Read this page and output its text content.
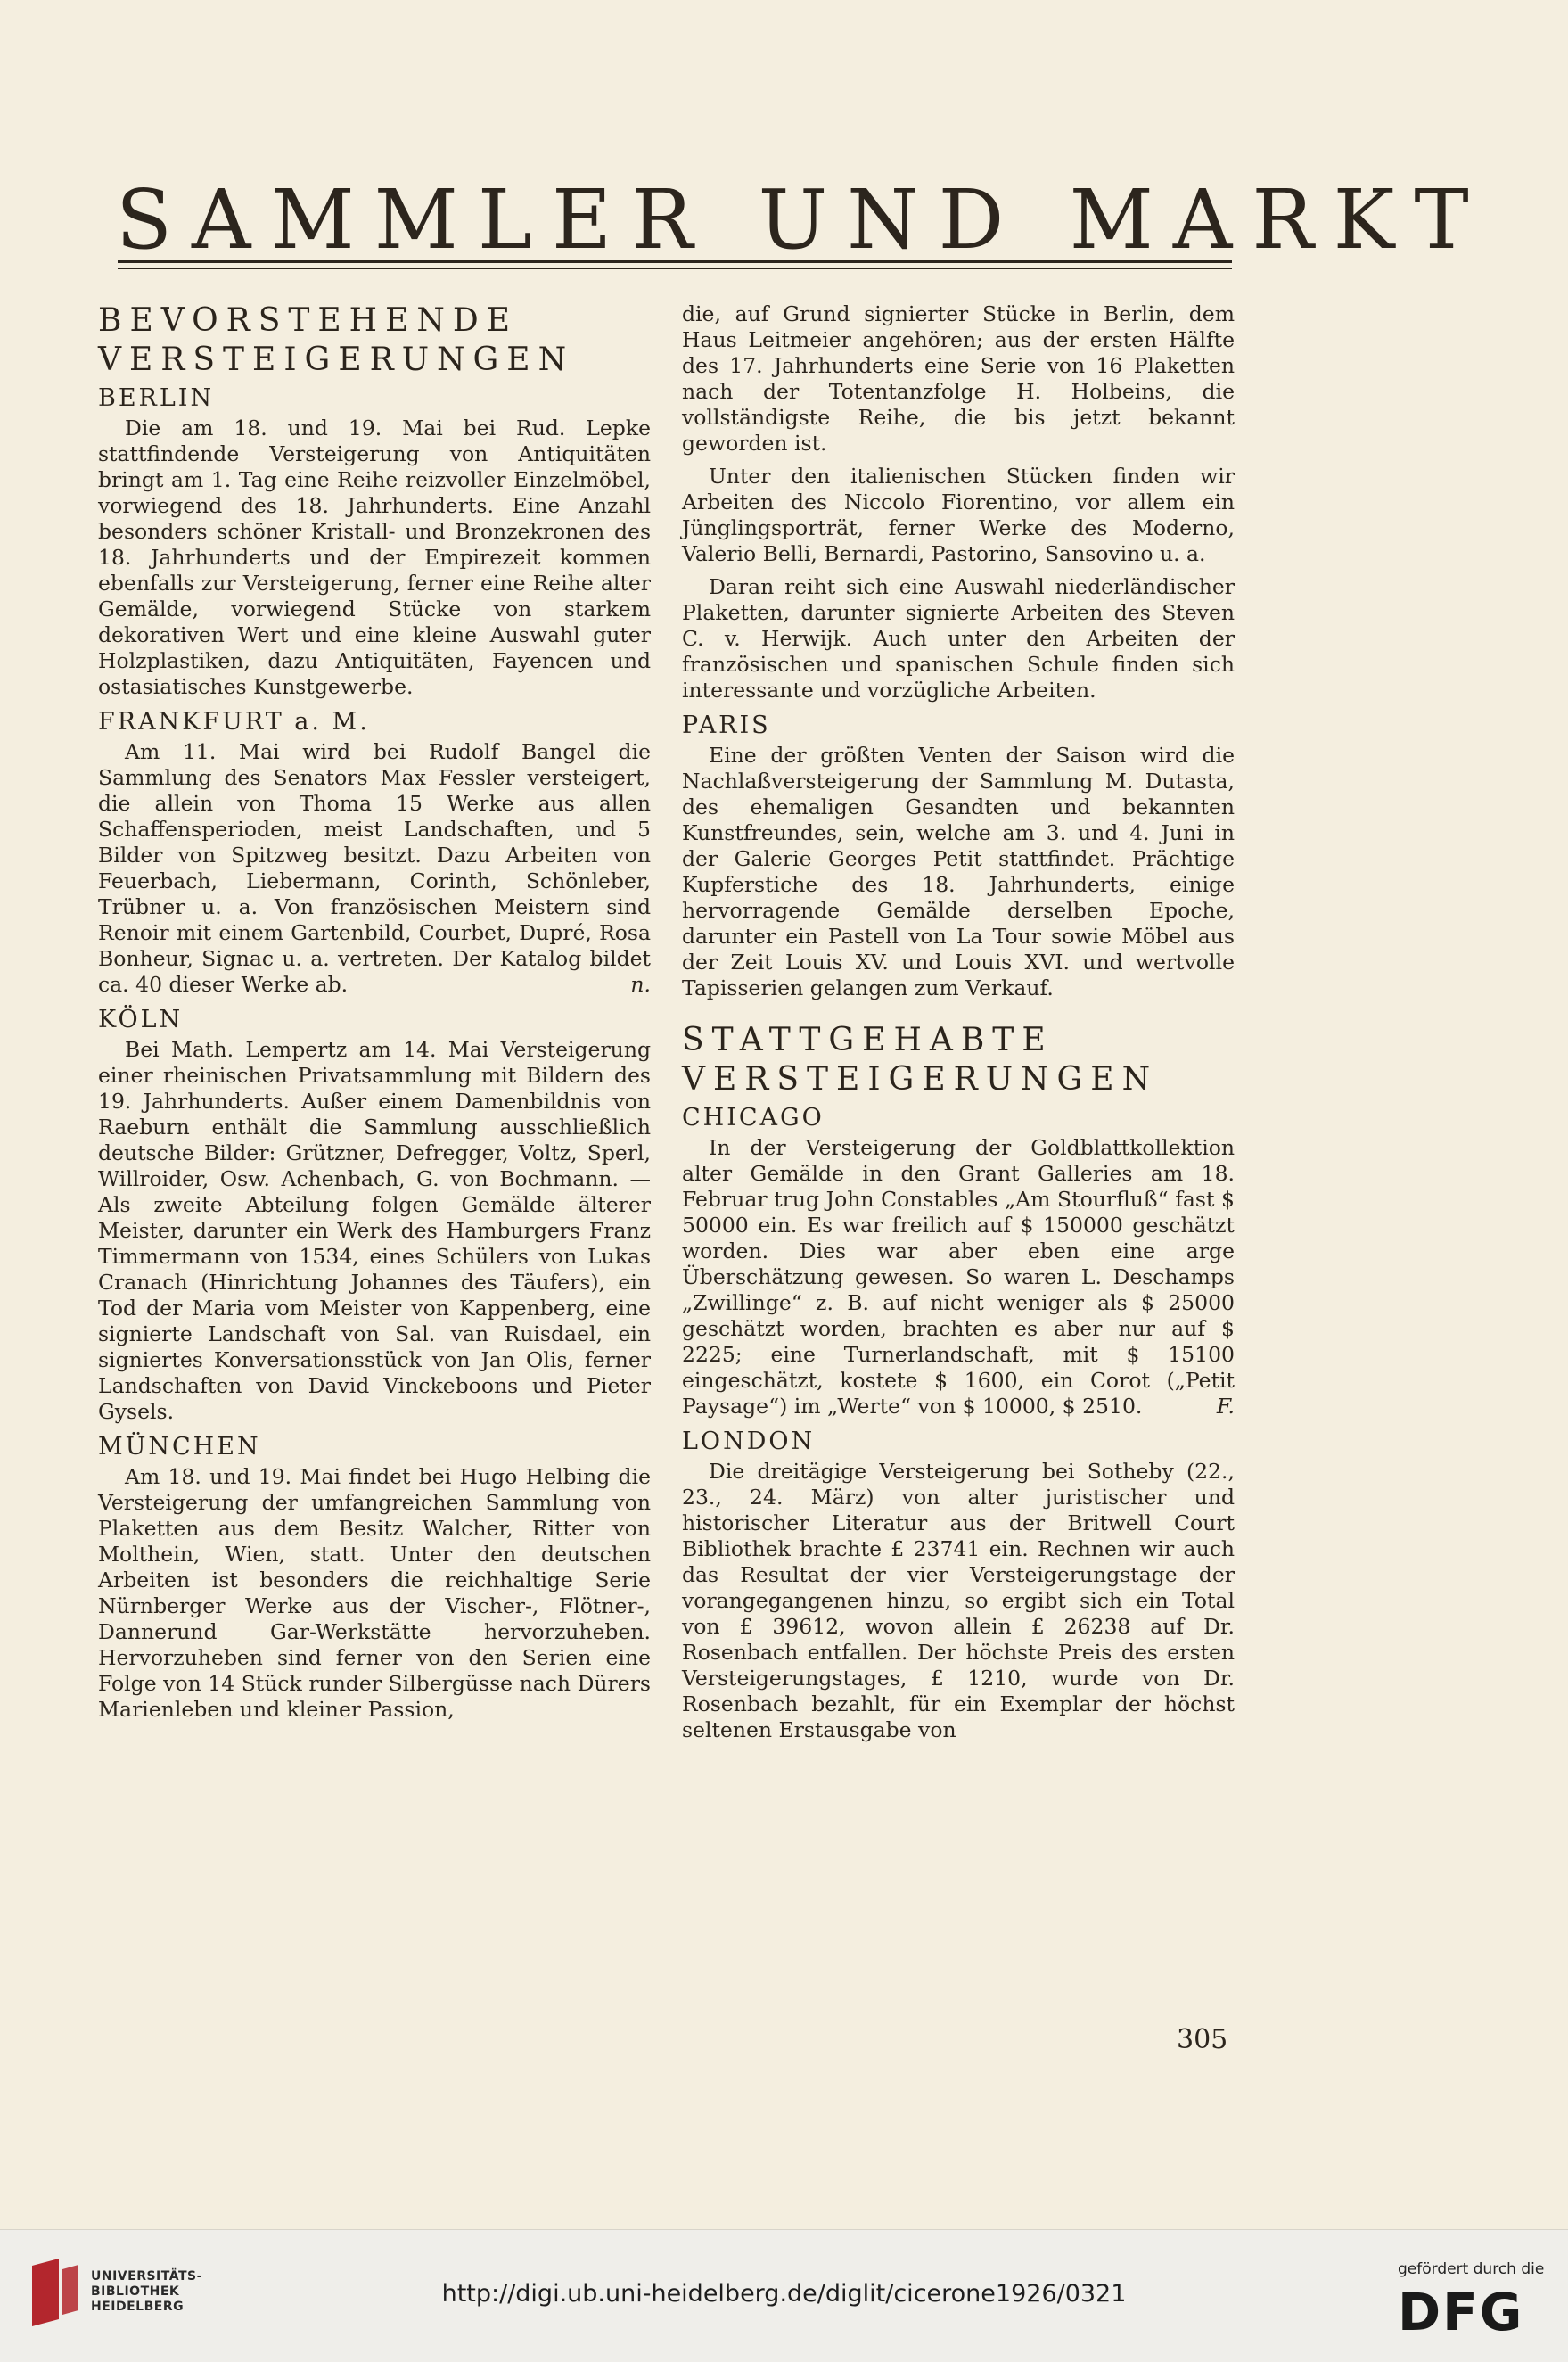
SAMMLER UND MARKT
BEVORSTEHENDE
VERSTEIGERUNGEN
BERLIN

Die am 18. und 19. Mai bei Rud. Lepke stattfindende Versteigerung von Antiquitäten bringt am 1. Tag eine Reihe reizvoller Einzelmöbel, vorwiegend des 18. Jahrhunderts. Eine Anzahl besonders schöner Kristall- und Bronzekronen des 18. Jahrhunderts und der Empirezeit kommen ebenfalls zur Versteigerung, ferner eine Reihe alter Gemälde, vorwiegend Stücke von starkem dekorativen Wert und eine kleine Auswahl guter Holzplastiken, dazu Antiquitäten, Fayencen und ostasiatisches Kunstgewerbe.

FRANKFURT a. M.

Am 11. Mai wird bei Rudolf Bangel die Sammlung des Senators Max Fessler versteigert, die allein von Thoma 15 Werke aus allen Schaffensperioden, meist Landschaften, und 5 Bilder von Spitzweg besitzt. Dazu Arbeiten von Feuerbach, Liebermann, Corinth, Schönleber, Trübner u. a. Von französischen Meistern sind Renoir mit einem Gartenbild, Courbet, Dupré, Rosa Bonheur, Signac u. a. vertreten. Der Katalog bildet ca. 40 dieser Werke ab.	n.

KÖLN

Bei Math. Lempertz am 14. Mai Versteigerung einer rheinischen Privatsammlung mit Bildern des 19. Jahrhunderts. Außer einem Damenbildnis von Raeburn enthält die Sammlung ausschließlich deutsche Bilder: Grützner, Defregger, Voltz, Sperl, Willroider, Osw. Achenbach, G. von Bochmann. — Als zweite Abteilung folgen Gemälde älterer Meister, darunter ein Werk des Hamburgers Franz Timmermann von 1534, eines Schülers von Lukas Cranach (Hinrichtung Johannes des Täufers), ein Tod der Maria vom Meister von Kappenberg, eine signierte Landschaft von Sal. van Ruisdael, ein signiertes Konversationsstück von Jan Olis, ferner Landschaften von David Vinckeboons und Pieter Gysels.

MÜNCHEN

Am 18. und 19. Mai findet bei Hugo Helbing die Versteigerung der umfangreichen Sammlung von Plaketten aus dem Besitz Walcher, Ritter von Molthein, Wien, statt. Unter den deutschen Arbeiten ist besonders die reichhaltige Serie Nürnberger Werke aus der Vischer-, Flötner-, Dannerund Gar-Werkstätte hervorzuheben. Hervorzuheben sind ferner von den Serien eine Folge von 14 Stück runder Silbergüsse nach Dürers Marienleben und kleiner Passion,

die, auf Grund signierter Stücke in Berlin, dem Haus Leitmeier angehören; aus der ersten Hälfte des 17. Jahrhunderts eine Serie von 16 Plaketten nach der Totentanzfolge H. Holbeins, die vollständigste Reihe, die bis jetzt bekannt geworden ist.

Unter den italienischen Stücken finden wir Arbeiten des Niccolo Fiorentino, vor allem ein Jünglingsporträt, ferner Werke des Moderno, Valerio Belli, Bernardi, Pastorino, Sansovino u. a.

Daran reiht sich eine Auswahl niederländischer Plaketten, darunter signierte Arbeiten des Steven C. v. Herwijk. Auch unter den Arbeiten der französischen und spanischen Schule finden sich interessante und vorzügliche Arbeiten.

PARIS

Eine der größten Venten der Saison wird die Nachlaßversteigerung der Sammlung M. Dutasta, des ehemaligen Gesandten und bekannten Kunstfreundes, sein, welche am 3. und 4. Juni in der Galerie Georges Petit stattfindet. Prächtige Kupferstiche des 18. Jahrhunderts, einige hervorragende Gemälde derselben Epoche, darunter ein Pastell von La Tour sowie Möbel aus der Zeit Louis XV. und Louis XVI. und wertvolle Tapisserien gelangen zum Verkauf.

STATTGEHABTE
VERSTEIGERUNGEN
CHICAGO

In der Versteigerung der Goldblattkollektion alter Gemälde in den Grant Galleries am 18. Februar trug John Constables „Am Stourfluß“ fast $ 50000 ein. Es war freilich auf $ 150000 geschätzt worden. Dies war aber eben eine arge Überschätzung gewesen. So waren L. Deschamps „Zwillinge“ z. B. auf nicht weniger als $ 25000 geschätzt worden, brachten es aber nur auf $ 2225; eine Turnerlandschaft, mit $ 15100 eingeschätzt, kostete $ 1600, ein Corot („Petit Paysage“) im „Werte“ von $ 10000, $ 2510.	F.

LONDON

Die dreitägige Versteigerung bei Sotheby (22., 23., 24. März) von alter juristischer und historischer Literatur aus der Britwell Court Bibliothek brachte £ 23741 ein. Rechnen wir auch das Resultat der vier Versteigerungstage der vorangegangenen hinzu, so ergibt sich ein Total von £ 39612, wovon allein £ 26238 auf Dr. Rosenbach entfallen. Der höchste Preis des ersten Versteigerungstages, £ 1210, wurde von Dr. Rosenbach bezahlt, für ein Exemplar der höchst seltenen Erstausgabe von

305
UNIVERSITÄTS-
BIBLIOTHEK
HEIDELBERG	http://digi.ub.uni-heidelberg.de/diglit/cicerone1926/0321
gefördert durch die
DFG
